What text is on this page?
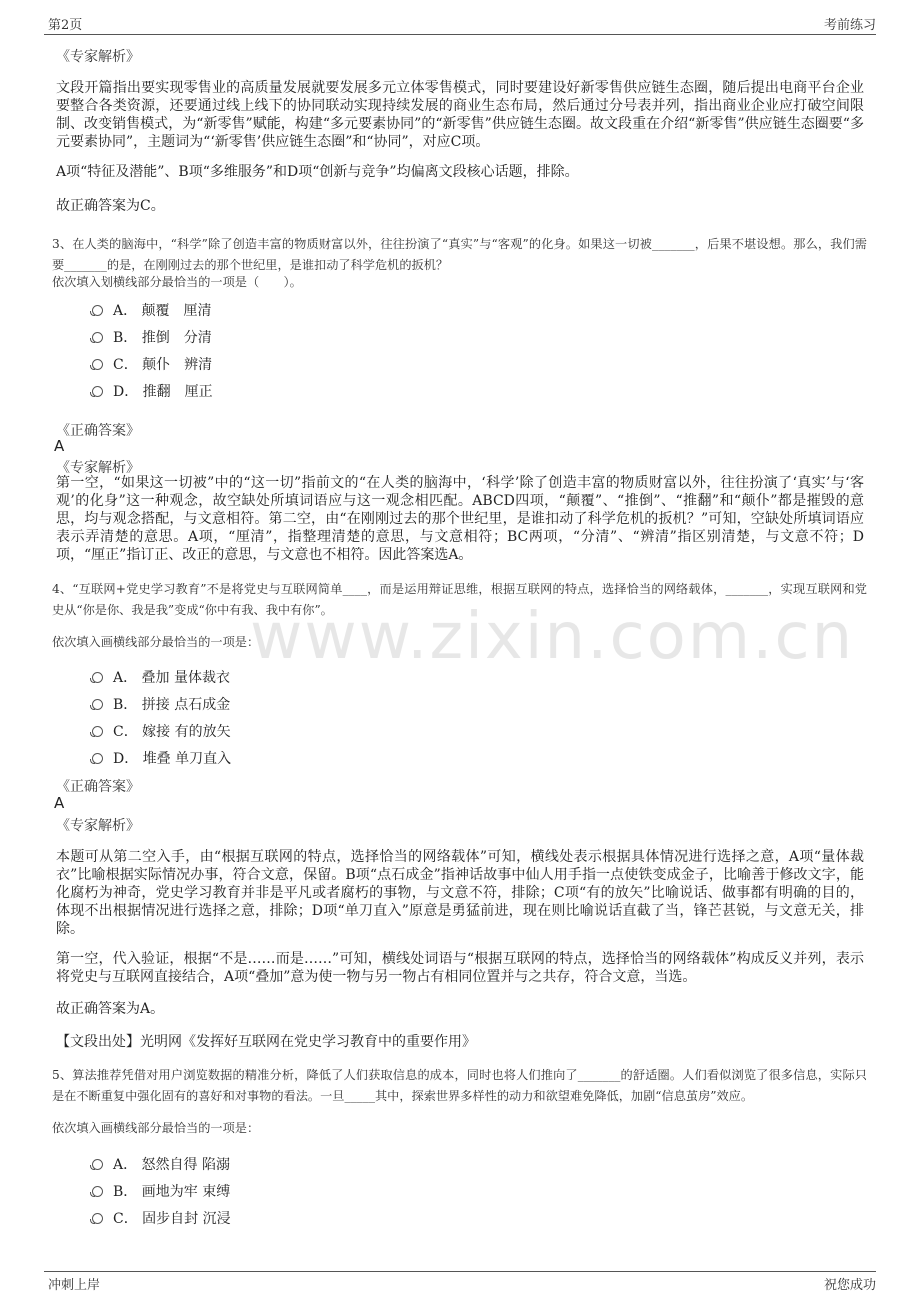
第2页	考前练习
www.zixin.com.cn
《专家解析》
文段开篇指出要实现零售业的高质量发展就要发展多元立体零售模式，同时要建设好新零售供应链生态圈，随后提出电商平台企业要整合各类资源，还要通过线上线下的协同联动实现持续发展的商业生态布局，然后通过分号表并列，指出商业企业应打破空间限制、改变销售模式，为“新零售”赋能，构建“多元要素协同”的“新零售”供应链生态圈。故文段重在介绍“新零售”供应链生态圈要“多元要素协同”，主题词为“‘新零售’供应链生态圈”和“协同”，对应C项。
A项“特征及潜能”、B项“多维服务”和D项“创新与竞争”均偏离文段核心话题，排除。
故正确答案为C。
3、在人类的脑海中，“科学”除了创造丰富的物质财富以外，往往扮演了“真实”与“客观”的化身。如果这一切被_______，后果不堪设想。那么，我们需要_______的是，在刚刚过去的那个世纪里，是谁扣动了科学危机的扳机？
依次填入划横线部分最恰当的一项是（　　）。
A． 颠覆　厘清
B． 推倒　分清
C． 颠仆　辨清
D． 推翻　厘正
《正确答案》
A
《专家解析》
第一空，“如果这一切被”中的“这一切”指前文的“在人类的脑海中，‘科学’除了创造丰富的物质财富以外，往往扮演了‘真实’与‘客观’的化身”这一种观念，故空缺处所填词语应与这一观念相匹配。ABCD四项，“颠覆”、“推倒”、“推翻”和“颠仆”都是摧毁的意思，均与观念搭配，与文意相符。第二空，由“在刚刚过去的那个世纪里，是谁扣动了科学危机的扳机？”可知，空缺处所填词语应表示弄清楚的意思。A项，“厘清”，指整理清楚的意思，与文意相符；BC两项，“分清”、“辨清”指区别清楚，与文意不符；D项，“厘正”指订正、改正的意思，与文意也不相符。因此答案选A。
4、“互联网+党史学习教育”不是将党史与互联网简单____，而是运用辩证思维，根据互联网的特点，选择恰当的网络载体，_______，实现互联网和党史从“你是你、我是我”变成“你中有我、我中有你”。
依次填入画横线部分最恰当的一项是：
A． 叠加 量体裁衣
B． 拼接 点石成金
C． 嫁接 有的放矢
D． 堆叠 单刀直入
《正确答案》
A
《专家解析》
本题可从第二空入手，由“根据互联网的特点，选择恰当的网络载体”可知，横线处表示根据具体情况进行选择之意，A项“量体裁衣”比喻根据实际情况办事，符合文意，保留。B项“点石成金”指神话故事中仙人用手指一点使铁变成金子，比喻善于修改文字，能化腐朽为神奇，党史学习教育并非是平凡或者腐朽的事物，与文意不符，排除；C项“有的放矢”比喻说话、做事都有明确的目的，体现不出根据情况进行选择之意，排除；D项“单刀直入”原意是勇猛前进，现在则比喻说话直截了当，锋芒甚锐，与文意无关，排除。
第一空，代入验证，根据“不是……而是……”可知，横线处词语与“根据互联网的特点，选择恰当的网络载体”构成反义并列，表示将党史与互联网直接结合，A项“叠加”意为使一物与另一物占有相同位置并与之共存，符合文意，当选。
故正确答案为A。
【文段出处】光明网《发挥好互联网在党史学习教育中的重要作用》
5、算法推荐凭借对用户浏览数据的精准分析，降低了人们获取信息的成本，同时也将人们推向了_______的舒适圈。人们看似浏览了很多信息，实际只是在不断重复中强化固有的喜好和对事物的看法。一旦_____其中，探索世界多样性的动力和欲望难免降低，加剧“信息茧房”效应。
依次填入画横线部分最恰当的一项是：
A． 怒然自得 陷溺
B． 画地为牢 束缚
C． 固步自封 沉浸
冲刺上岸	祝您成功
